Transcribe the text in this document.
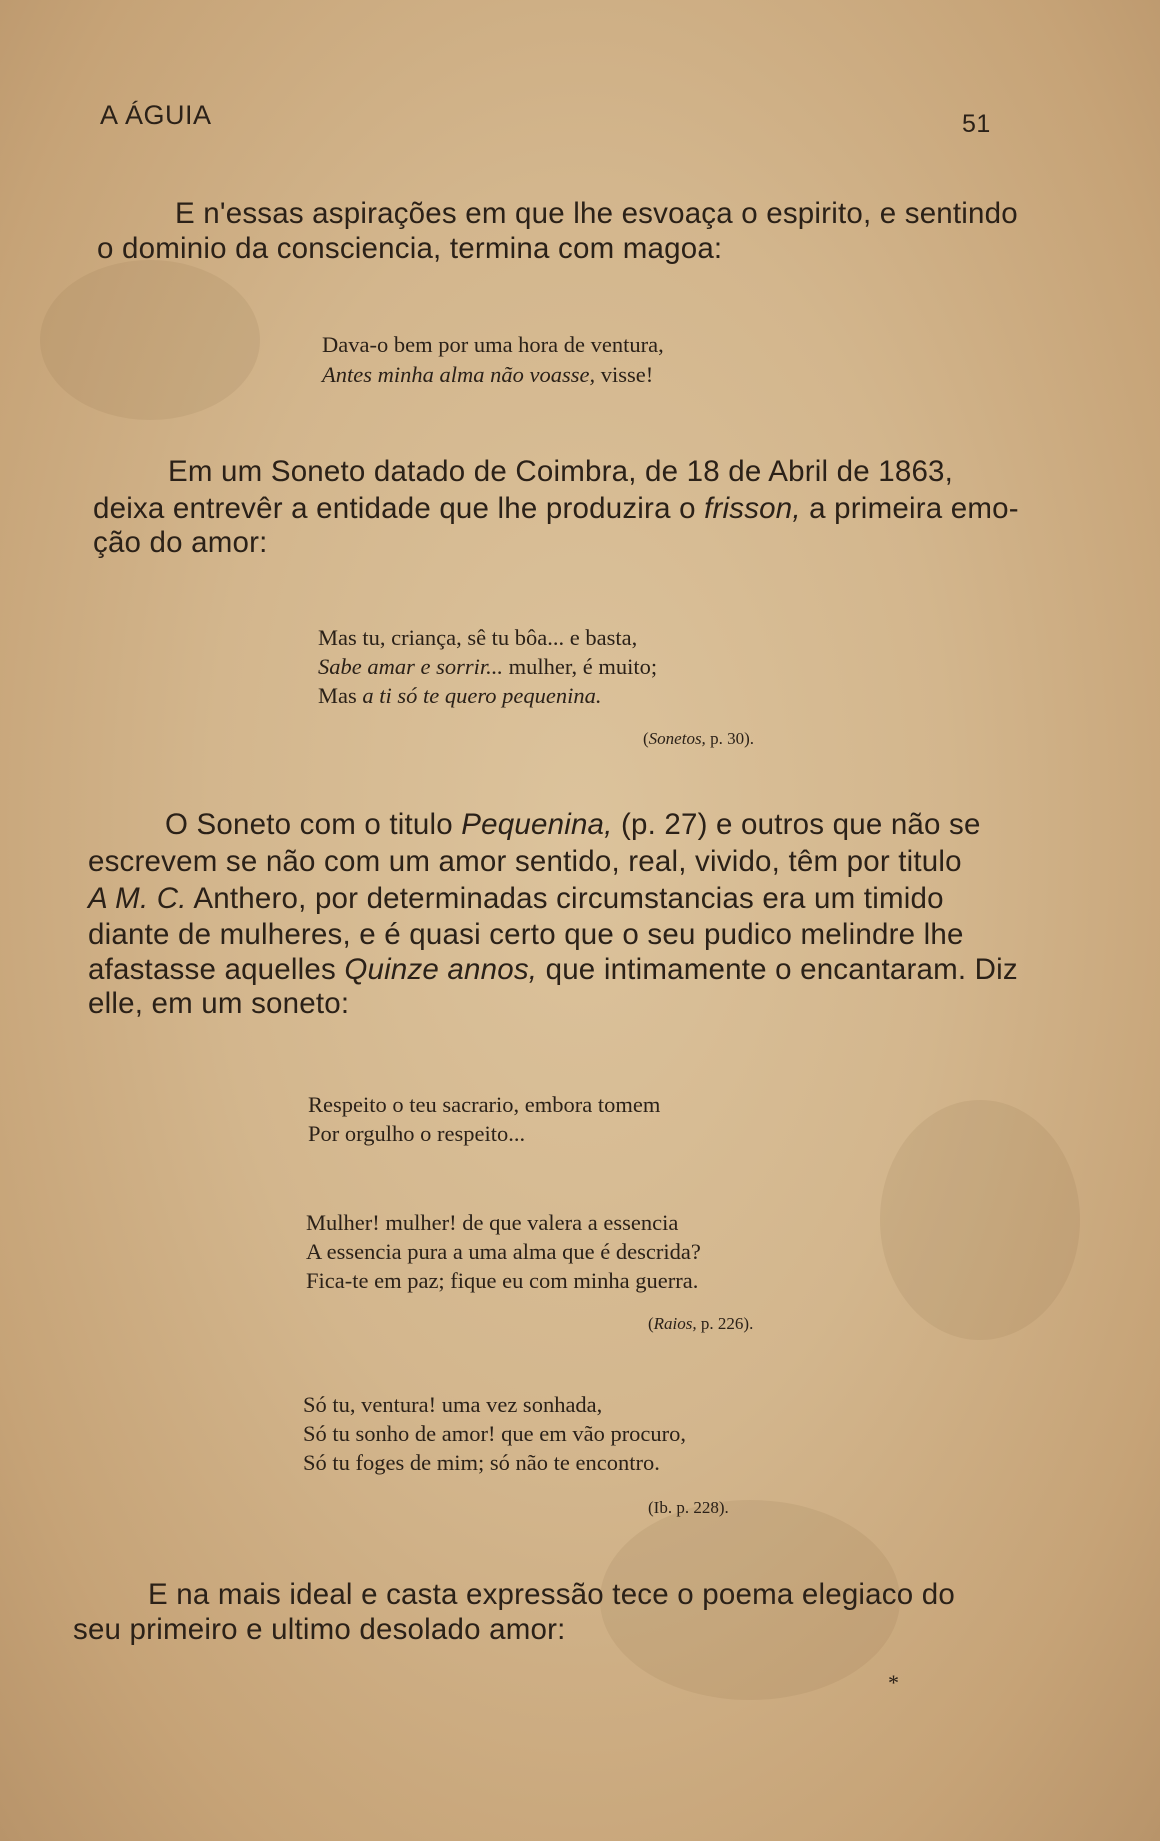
A ÁGUIA	51
E n'essas aspirações em que lhe esvoaça o espirito, e sentindo
o dominio da consciencia, termina com magoa:
Dava-o bem por uma hora de ventura,
Antes minha alma não voasse, visse!
Em um Soneto datado de Coimbra, de 18 de Abril de 1863,
deixa entrevêr a entidade que lhe produzira o frisson, a primeira emo-
ção do amor:
Mas tu, criança, sê tu bôa... e basta,
Sabe amar e sorrir... mulher, é muito;
Mas a ti só te quero pequenina.
(Sonetos, p. 30).
O Soneto com o titulo Pequenina, (p. 27) e outros que não se
escrevem se não com um amor sentido, real, vivido, têm por titulo
A M. C. Anthero, por determinadas circumstancias era um timido
diante de mulheres, e é quasi certo que o seu pudico melindre lhe
afastasse aquelles Quinze annos, que intimamente o encantaram. Diz
elle, em um soneto:
Respeito o teu sacrario, embora tomem
Por orgulho o respeito...
Mulher! mulher! de que valera a essencia
A essencia pura a uma alma que é descrida?
Fica-te em paz; fique eu com minha guerra.
(Raios, p. 226).
Só tu, ventura! uma vez sonhada,
Só tu sonho de amor! que em vão procuro,
Só tu foges de mim; só não te encontro.
(Ib. p. 228).
E na mais ideal e casta expressão tece o poema elegiaco do
seu primeiro e ultimo desolado amor:
*
